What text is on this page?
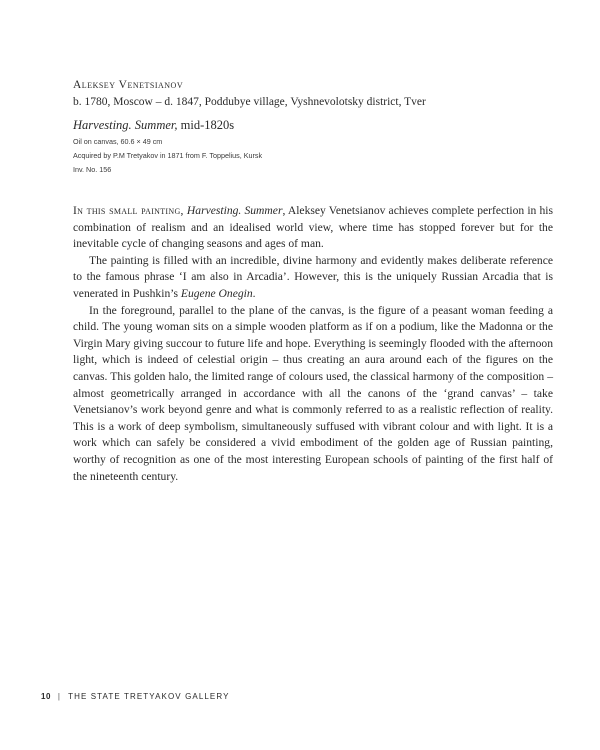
Aleksey Venetsianov
b. 1780, Moscow – d. 1847, Poddubye village, Vyshnevolotsky district, Tver
Harvesting. Summer, mid-1820s
Oil on canvas, 60.6 × 49 cm
Acquired by P.M Tretyakov in 1871 from F. Toppelius, Kursk
Inv. No. 156

In this small painting, Harvesting. Summer, Aleksey Venetsianov achieves complete perfection in his combination of realism and an idealised world view, where time has stopped forever but for the inevitable cycle of changing seasons and ages of man.

The painting is filled with an incredible, divine harmony and evidently makes deliberate reference to the famous phrase ‘I am also in Arcadia’. However, this is the uniquely Russian Arcadia that is venerated in Pushkin’s Eugene Onegin.

In the foreground, parallel to the plane of the canvas, is the figure of a peasant woman feeding a child. The young woman sits on a simple wooden platform as if on a podium, like the Madonna or the Virgin Mary giving succour to future life and hope. Everything is seemingly flooded with the afternoon light, which is indeed of celestial origin – thus creating an aura around each of the figures on the canvas. This golden halo, the limited range of colours used, the classical harmony of the composition – almost geometrically arranged in accordance with all the canons of the ‘grand canvas’ – take Venetsianov’s work beyond genre and what is commonly referred to as a realistic reflection of reality. This is a work of deep symbolism, simultaneously suffused with vibrant colour and with light. It is a work which can safely be considered a vivid embodiment of the golden age of Russian painting, worthy of recognition as one of the most interesting European schools of painting of the first half of the nineteenth century.

10 | THE STATE TRETYAKOV GALLERY
